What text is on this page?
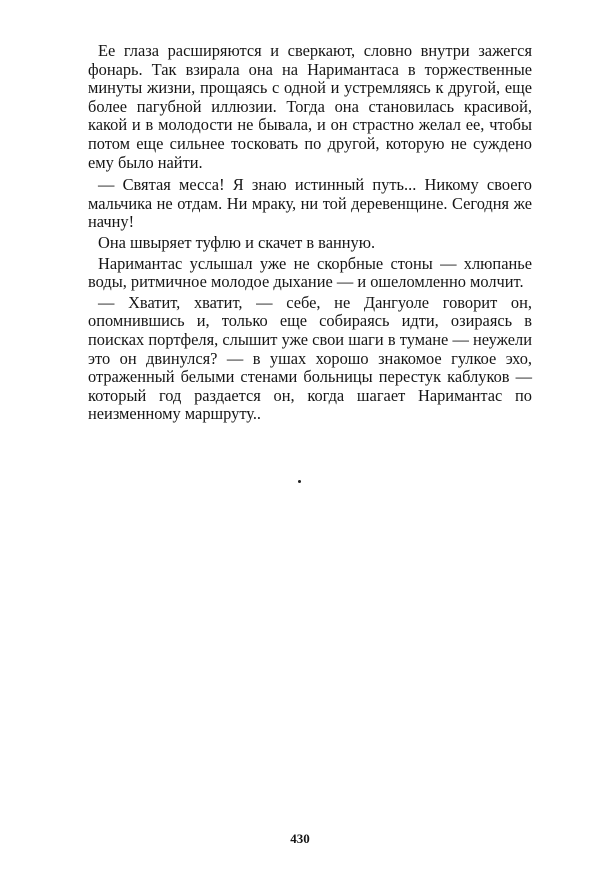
Ее глаза расширяются и сверкают, словно внутри зажегся фонарь. Так взирала она на Наримантаса в торжественные минуты жизни, прощаясь с одной и устремляясь к другой, еще более пагубной иллюзии. Тогда она становилась красивой, какой и в молодости не бывала, и он страстно желал ее, чтобы потом еще сильнее тосковать по другой, которую не суждено ему было найти.

— Святая месса! Я знаю истинный путь... Никому своего мальчика не отдам. Ни мраку, ни той деревенщине. Сегодня же начну!

Она швыряет туфлю и скачет в ванную.

Наримантас услышал уже не скорбные стоны — хлюпанье воды, ритмичное молодое дыхание — и ошеломленно молчит.

— Хватит, хватит, — себе, не Дангуоле говорит он, опомнившись и, только еще собираясь идти, озираясь в поисках портфеля, слышит уже свои шаги в тумане — неужели это он двинулся? — в ушах хорошо знакомое гулкое эхо, отраженный белыми стенами больницы перестук каблуков — который год раздается он, когда шагает Наримантас по неизменному маршруту..

430
